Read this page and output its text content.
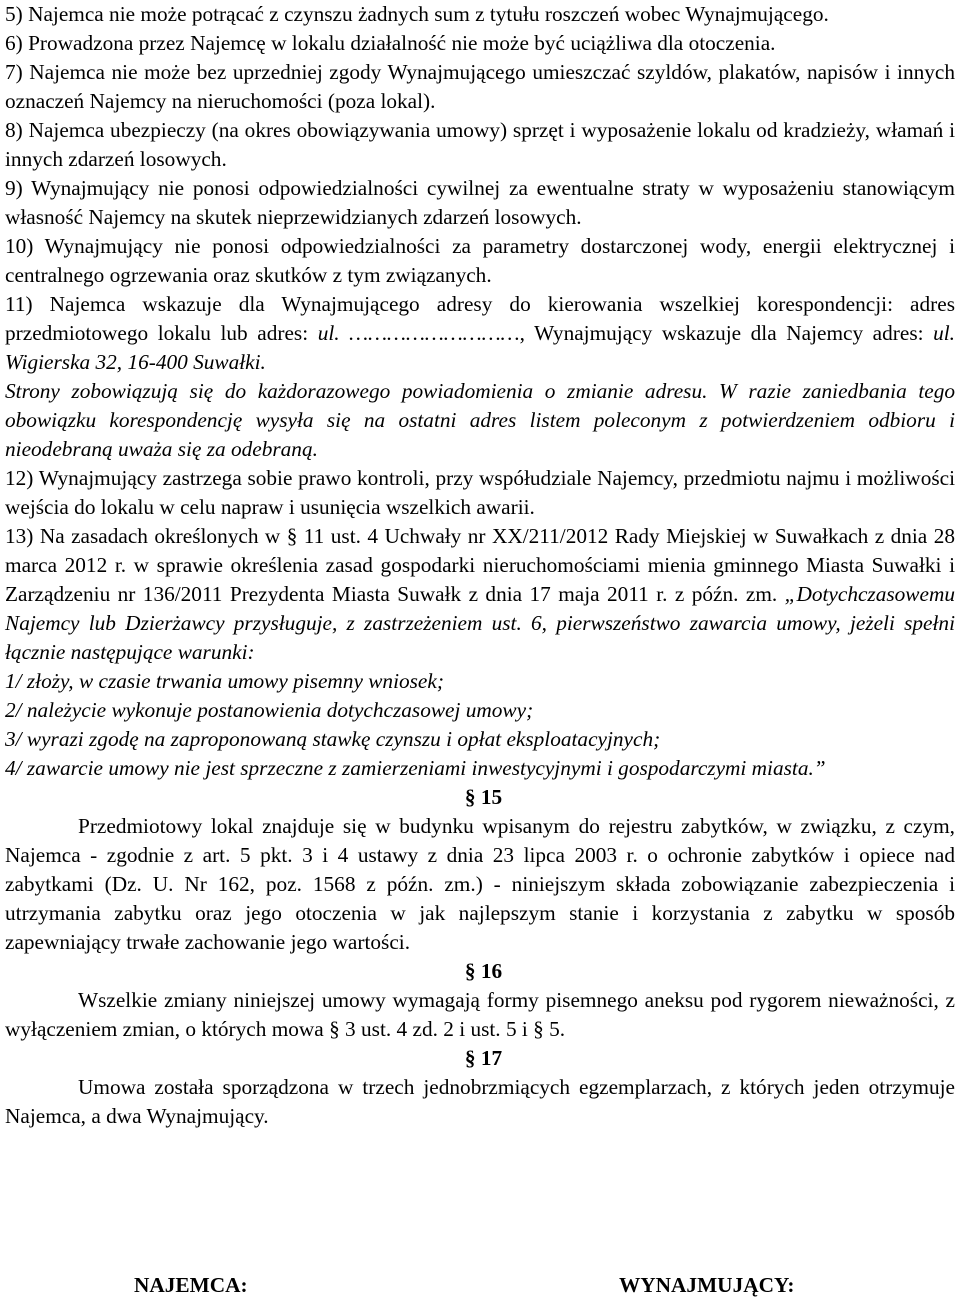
5) Najemca nie może potrącać z czynszu żadnych sum z tytułu roszczeń wobec Wynajmującego.

6) Prowadzona przez Najemcę w lokalu działalność nie może być uciążliwa dla otoczenia.

7) Najemca nie może bez uprzedniej zgody Wynajmującego umieszczać szyldów, plakatów, napisów i innych oznaczeń Najemcy na nieruchomości (poza lokal).

8) Najemca ubezpieczy (na okres obowiązywania umowy) sprzęt i wyposażenie lokalu od kradzieży, włamań i innych zdarzeń losowych.

9) Wynajmujący nie ponosi odpowiedzialności cywilnej za ewentualne straty w wyposażeniu stanowiącym własność Najemcy na skutek nieprzewidzianych zdarzeń losowych.

10) Wynajmujący nie ponosi odpowiedzialności za parametry dostarczonej wody, energii elektrycznej i centralnego ogrzewania oraz skutków z tym związanych.

11) Najemca wskazuje dla Wynajmującego adresy do kierowania wszelkiej korespondencji: adres przedmiotowego lokalu lub adres: ul. ………………………, Wynajmujący wskazuje dla Najemcy adres: ul. Wigierska 32, 16-400 Suwałki.

Strony zobowiązują się do każdorazowego powiadomienia o zmianie adresu. W razie zaniedbania tego obowiązku korespondencję wysyła się na ostatni adres listem poleconym z potwierdzeniem odbioru i nieodebraną uważa się za odebraną.

12) Wynajmujący zastrzega sobie prawo kontroli, przy współudziale Najemcy, przedmiotu najmu i możliwości wejścia do lokalu w celu napraw i usunięcia wszelkich awarii.

13) Na zasadach określonych w § 11 ust. 4 Uchwały nr XX/211/2012 Rady Miejskiej w Suwałkach z dnia 28 marca 2012 r. w sprawie określenia zasad gospodarki nieruchomościami mienia gminnego Miasta Suwałki i Zarządzeniu nr 136/2011 Prezydenta Miasta Suwałk z dnia 17 maja 2011 r. z późn. zm. „Dotychczasowemu Najemcy lub Dzierżawcy przysługuje, z zastrzeżeniem ust. 6, pierwszeństwo zawarcia umowy, jeżeli spełni łącznie następujące warunki:

1/ złoży, w czasie trwania umowy pisemny wniosek;

2/ należycie wykonuje postanowienia dotychczasowej umowy;

3/ wyrazi zgodę na zaproponowaną stawkę czynszu i opłat eksploatacyjnych;

4/ zawarcie umowy nie jest sprzeczne z zamierzeniami inwestycyjnymi i gospodarczymi miasta.”

§ 15

Przedmiotowy lokal znajduje się w budynku wpisanym do rejestru zabytków, w związku, z czym, Najemca - zgodnie z art. 5 pkt. 3 i 4 ustawy z dnia 23 lipca 2003 r. o ochronie zabytków i opiece nad zabytkami (Dz. U. Nr 162, poz. 1568 z późn. zm.) - niniejszym składa zobowiązanie zabezpieczenia i utrzymania zabytku oraz jego otoczenia w jak najlepszym stanie i korzystania z zabytku w sposób zapewniający trwałe zachowanie jego wartości.

§ 16

Wszelkie zmiany niniejszej umowy wymagają formy pisemnego aneksu pod rygorem nieważności, z wyłączeniem zmian, o których mowa § 3 ust. 4 zd. 2 i ust. 5 i § 5.

§ 17

Umowa została sporządzona w trzech jednobrzmiących egzemplarzach, z których jeden otrzymuje Najemca, a dwa Wynajmujący.

NAJEMCA:	WYNAJMUJĄCY:
